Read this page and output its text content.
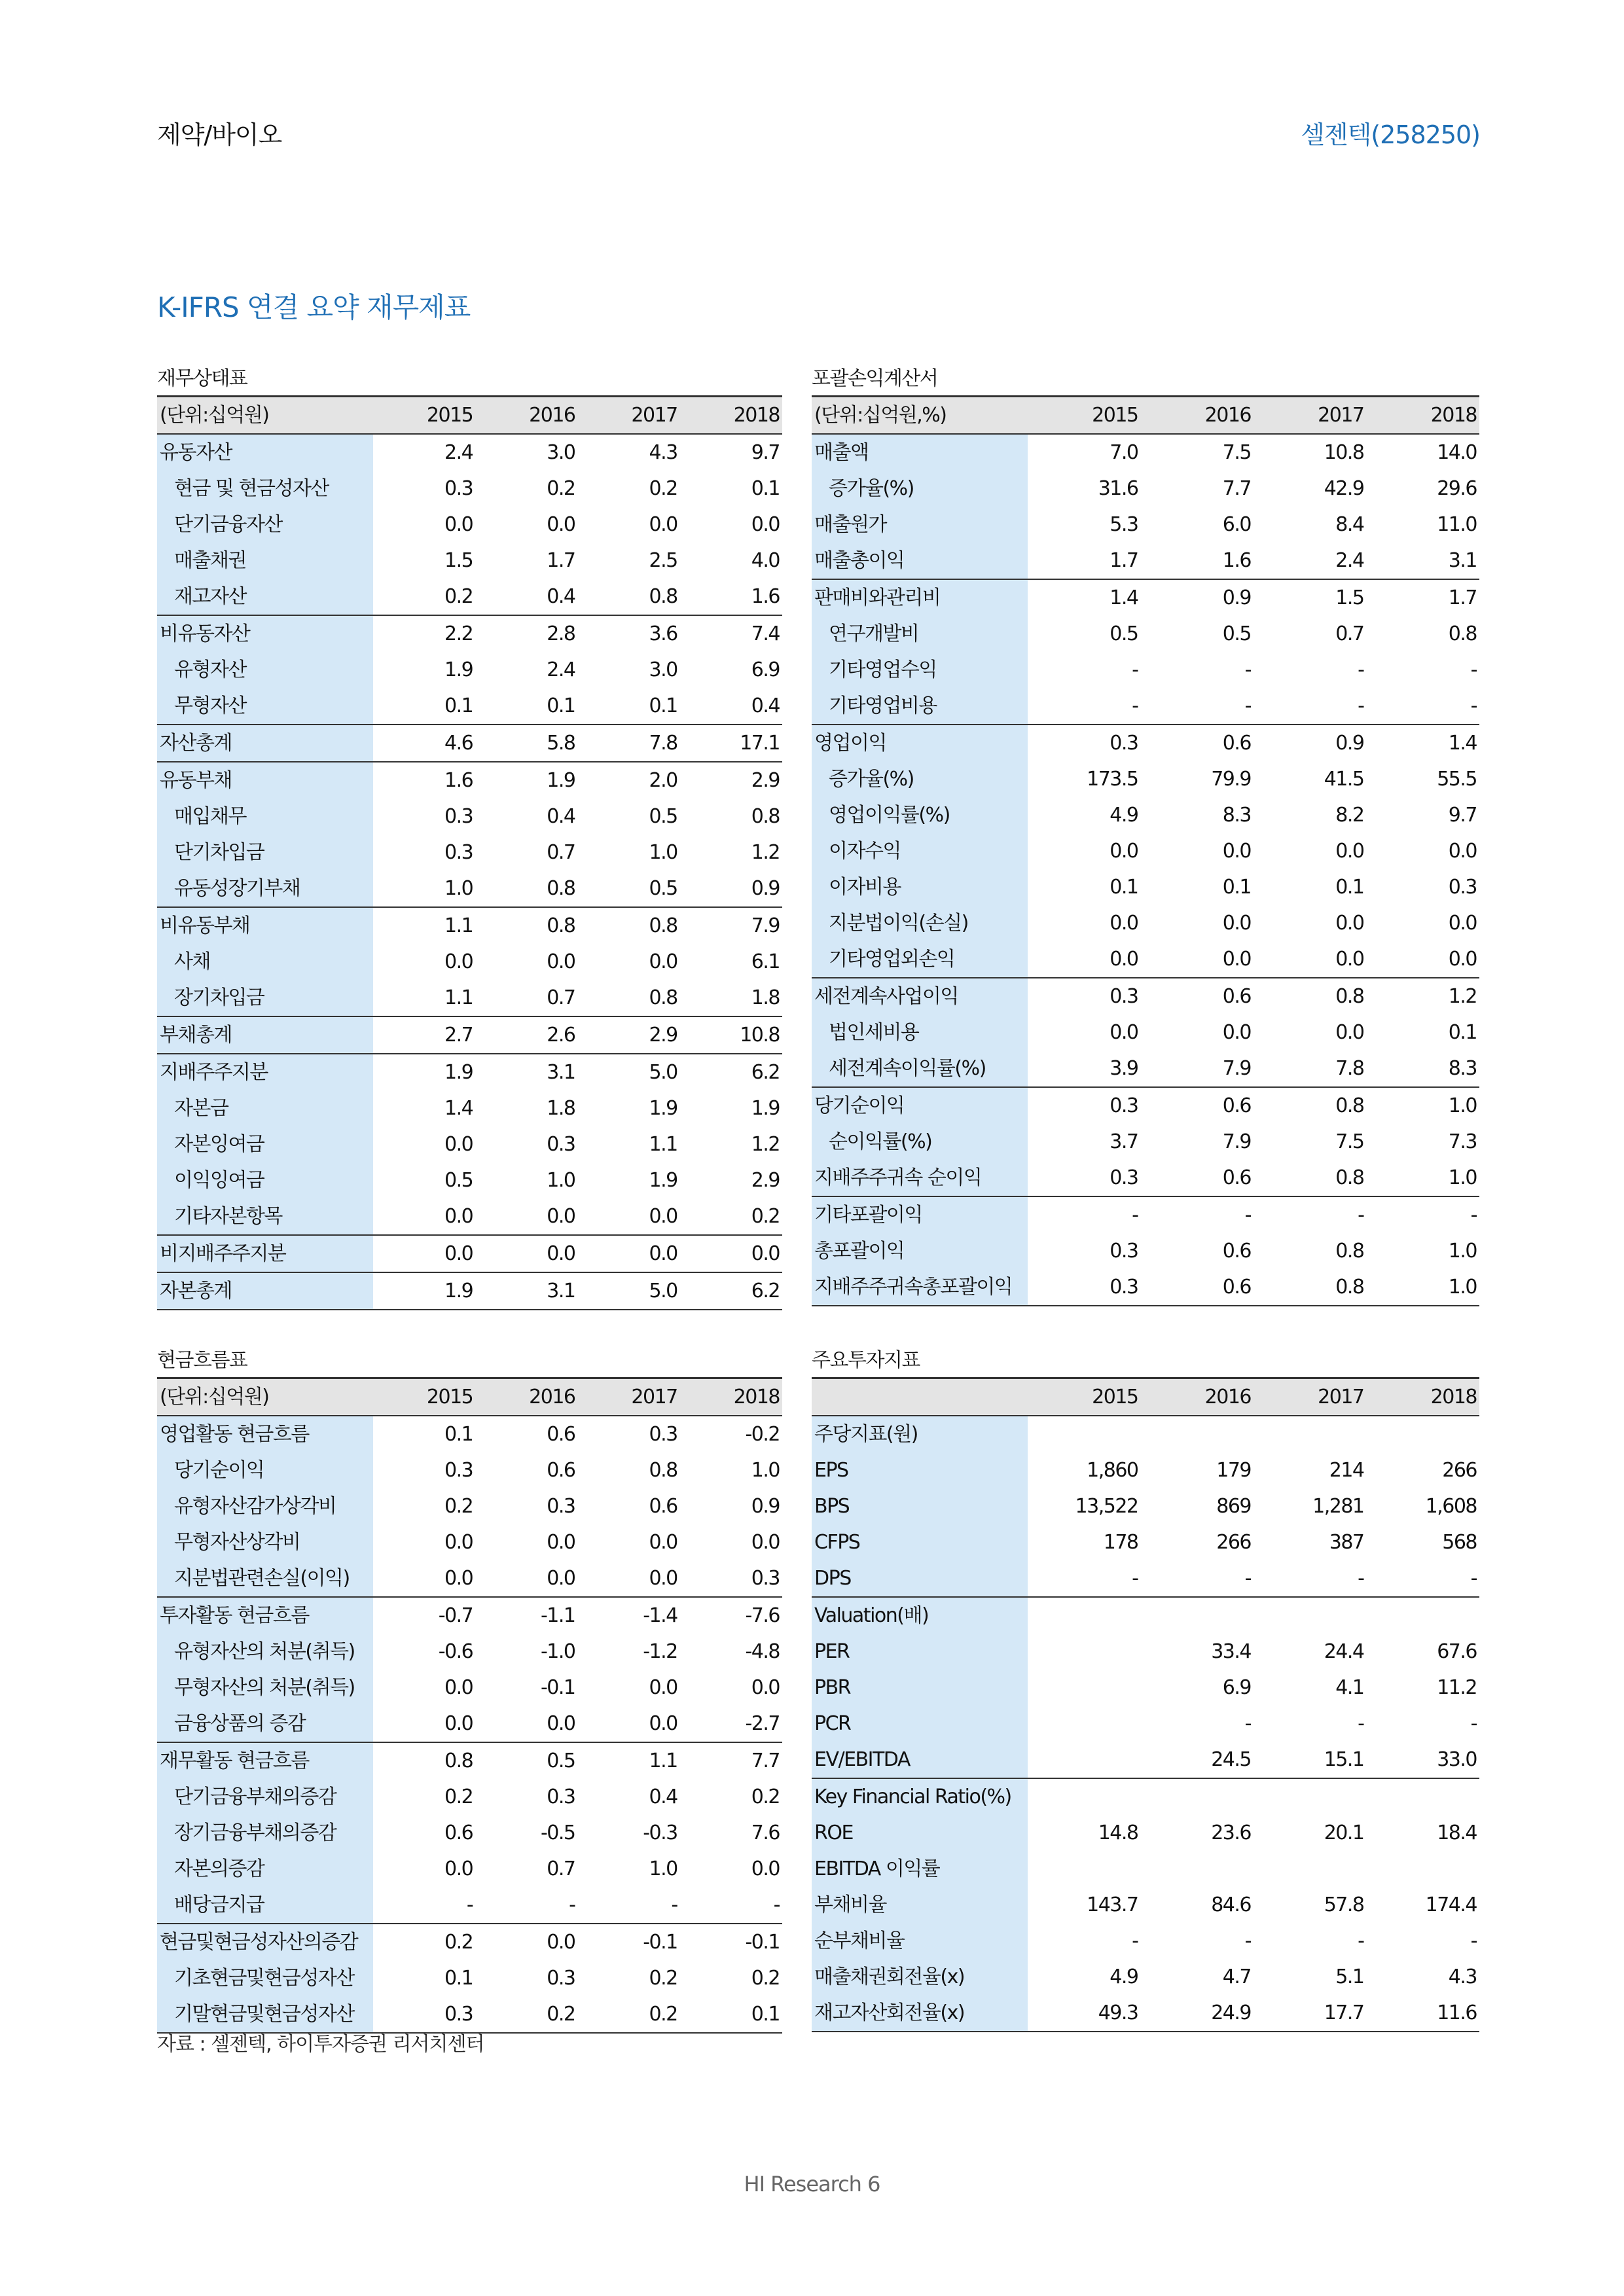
제약/바이오	셀젠텍(258250)
K-IFRS 연결 요약 재무제표
재무상태표
(단위:십억원)	2015	2016	2017	2018
유동자산	2.4	3.0	4.3	9.7
현금 및 현금성자산	0.3	0.2	0.2	0.1
단기금융자산	0.0	0.0	0.0	0.0
매출채권	1.5	1.7	2.5	4.0
재고자산	0.2	0.4	0.8	1.6
비유동자산	2.2	2.8	3.6	7.4
유형자산	1.9	2.4	3.0	6.9
무형자산	0.1	0.1	0.1	0.4
자산총계	4.6	5.8	7.8	17.1
유동부채	1.6	1.9	2.0	2.9
매입채무	0.3	0.4	0.5	0.8
단기차입금	0.3	0.7	1.0	1.2
유동성장기부채	1.0	0.8	0.5	0.9
비유동부채	1.1	0.8	0.8	7.9
사채	0.0	0.0	0.0	6.1
장기차입금	1.1	0.7	0.8	1.8
부채총계	2.7	2.6	2.9	10.8
지배주주지분	1.9	3.1	5.0	6.2
자본금	1.4	1.8	1.9	1.9
자본잉여금	0.0	0.3	1.1	1.2
이익잉여금	0.5	1.0	1.9	2.9
기타자본항목	0.0	0.0	0.0	0.2
비지배주주지분	0.0	0.0	0.0	0.0
자본총계	1.9	3.1	5.0	6.2
포괄손익계산서
(단위:십억원,%)	2015	2016	2017	2018
매출액	7.0	7.5	10.8	14.0
증가율(%)	31.6	7.7	42.9	29.6
매출원가	5.3	6.0	8.4	11.0
매출총이익	1.7	1.6	2.4	3.1
판매비와관리비	1.4	0.9	1.5	1.7
연구개발비	0.5	0.5	0.7	0.8
기타영업수익	-	-	-	-
기타영업비용	-	-	-	-
영업이익	0.3	0.6	0.9	1.4
증가율(%)	173.5	79.9	41.5	55.5
영업이익률(%)	4.9	8.3	8.2	9.7
이자수익	0.0	0.0	0.0	0.0
이자비용	0.1	0.1	0.1	0.3
지분법이익(손실)	0.0	0.0	0.0	0.0
기타영업외손익	0.0	0.0	0.0	0.0
세전계속사업이익	0.3	0.6	0.8	1.2
법인세비용	0.0	0.0	0.0	0.1
세전계속이익률(%)	3.9	7.9	7.8	8.3
당기순이익	0.3	0.6	0.8	1.0
순이익률(%)	3.7	7.9	7.5	7.3
지배주주귀속 순이익	0.3	0.6	0.8	1.0
기타포괄이익	-	-	-	-
총포괄이익	0.3	0.6	0.8	1.0
지배주주귀속총포괄이익	0.3	0.6	0.8	1.0
현금흐름표
(단위:십억원)	2015	2016	2017	2018
영업활동 현금흐름	0.1	0.6	0.3	-0.2
당기순이익	0.3	0.6	0.8	1.0
유형자산감가상각비	0.2	0.3	0.6	0.9
무형자산상각비	0.0	0.0	0.0	0.0
지분법관련손실(이익)	0.0	0.0	0.0	0.3
투자활동 현금흐름	-0.7	-1.1	-1.4	-7.6
유형자산의 처분(취득)	-0.6	-1.0	-1.2	-4.8
무형자산의 처분(취득)	0.0	-0.1	0.0	0.0
금융상품의 증감	0.0	0.0	0.0	-2.7
재무활동 현금흐름	0.8	0.5	1.1	7.7
단기금융부채의증감	0.2	0.3	0.4	0.2
장기금융부채의증감	0.6	-0.5	-0.3	7.6
자본의증감	0.0	0.7	1.0	0.0
배당금지급	-	-	-	-
현금및현금성자산의증감	0.2	0.0	-0.1	-0.1
기초현금및현금성자산	0.1	0.3	0.2	0.2
기말현금및현금성자산	0.3	0.2	0.2	0.1
주요투자지표
	2015	2016	2017	2018
주당지표(원)				
EPS	1,860	179	214	266
BPS	13,522	869	1,281	1,608
CFPS	178	266	387	568
DPS	-	-	-	-
Valuation(배)				
PER		33.4	24.4	67.6
PBR		6.9	4.1	11.2
PCR		-	-	-
EV/EBITDA		24.5	15.1	33.0
Key Financial Ratio(%)				
ROE	14.8	23.6	20.1	18.4
EBITDA 이익률				
부채비율	143.7	84.6	57.8	174.4
순부채비율	-	-	-	-
매출채권회전율(x)	4.9	4.7	5.1	4.3
재고자산회전율(x)	49.3	24.9	17.7	11.6
자료 : 셀젠텍, 하이투자증권 리서치센터
HI Research 6
